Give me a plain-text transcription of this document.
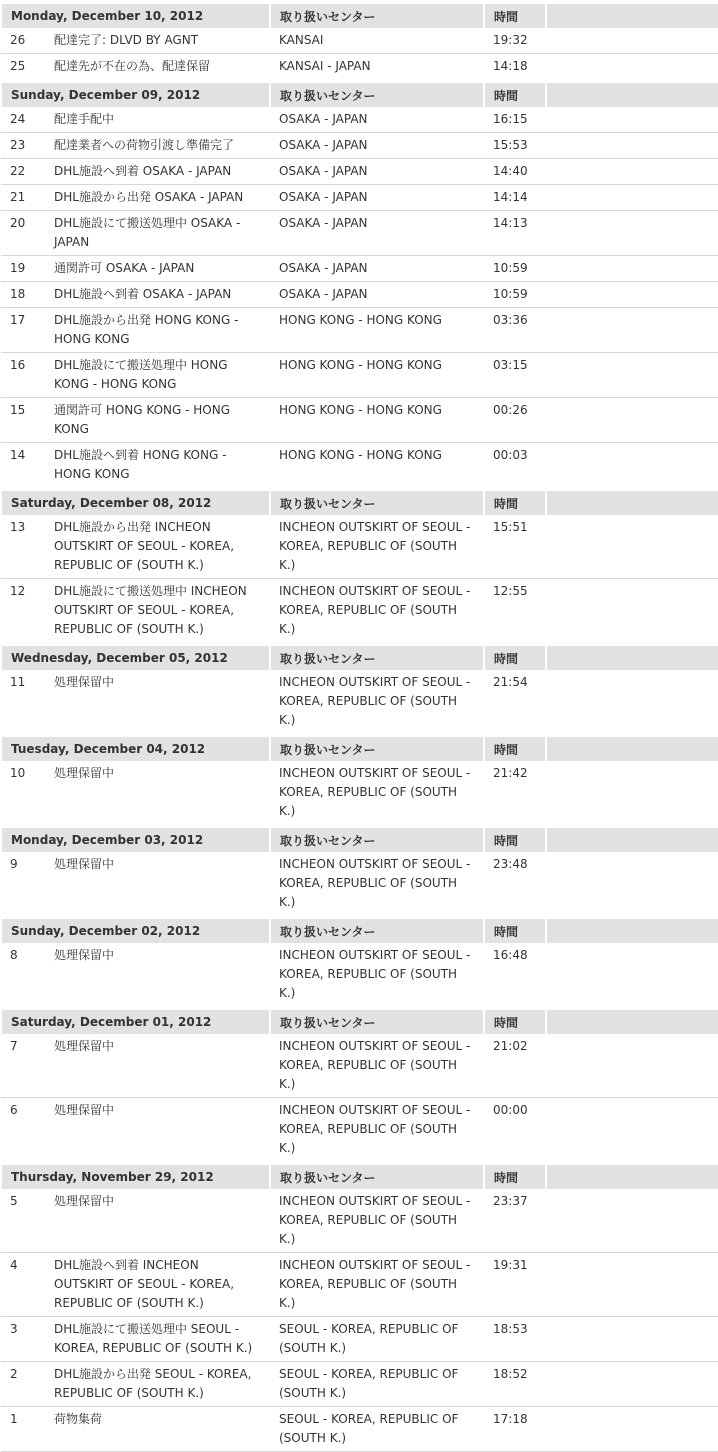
Monday, December 10, 2012		取り扱いセンター	時間	
26	配達完了: DLVD BY AGNT	KANSAI	19:32	
25	配達先が不在の為、配達保留	KANSAI - JAPAN	14:18	
Sunday, December 09, 2012		取り扱いセンター	時間	
24	配達手配中	OSAKA - JAPAN	16:15	
23	配達業者への荷物引渡し準備完了	OSAKA - JAPAN	15:53	
22	DHL施設へ到着 OSAKA - JAPAN	OSAKA - JAPAN	14:40	
21	DHL施設から出発 OSAKA - JAPAN	OSAKA - JAPAN	14:14	
20	DHL施設にて搬送処理中 OSAKA - JAPAN	OSAKA - JAPAN	14:13	
19	通関許可 OSAKA - JAPAN	OSAKA - JAPAN	10:59	
18	DHL施設へ到着 OSAKA - JAPAN	OSAKA - JAPAN	10:59	
17	DHL施設から出発 HONG KONG - HONG KONG	HONG KONG - HONG KONG	03:36	
16	DHL施設にて搬送処理中 HONG KONG - HONG KONG	HONG KONG - HONG KONG	03:15	
15	通関許可 HONG KONG - HONG KONG	HONG KONG - HONG KONG	00:26	
14	DHL施設へ到着 HONG KONG - HONG KONG	HONG KONG - HONG KONG	00:03	
Saturday, December 08, 2012		取り扱いセンター	時間	
13	DHL施設から出発 INCHEON OUTSKIRT OF SEOUL - KOREA, REPUBLIC OF (SOUTH K.)	INCHEON OUTSKIRT OF SEOUL - KOREA, REPUBLIC OF (SOUTH K.)	15:51	
12	DHL施設にて搬送処理中 INCHEON OUTSKIRT OF SEOUL - KOREA, REPUBLIC OF (SOUTH K.)	INCHEON OUTSKIRT OF SEOUL - KOREA, REPUBLIC OF (SOUTH K.)	12:55	
Wednesday, December 05, 2012		取り扱いセンター	時間	
11	処理保留中	INCHEON OUTSKIRT OF SEOUL - KOREA, REPUBLIC OF (SOUTH K.)	21:54	
Tuesday, December 04, 2012		取り扱いセンター	時間	
10	処理保留中	INCHEON OUTSKIRT OF SEOUL - KOREA, REPUBLIC OF (SOUTH K.)	21:42	
Monday, December 03, 2012		取り扱いセンター	時間	
9	処理保留中	INCHEON OUTSKIRT OF SEOUL - KOREA, REPUBLIC OF (SOUTH K.)	23:48	
Sunday, December 02, 2012		取り扱いセンター	時間	
8	処理保留中	INCHEON OUTSKIRT OF SEOUL - KOREA, REPUBLIC OF (SOUTH K.)	16:48	
Saturday, December 01, 2012		取り扱いセンター	時間	
7	処理保留中	INCHEON OUTSKIRT OF SEOUL - KOREA, REPUBLIC OF (SOUTH K.)	21:02	
6	処理保留中	INCHEON OUTSKIRT OF SEOUL - KOREA, REPUBLIC OF (SOUTH K.)	00:00	
Thursday, November 29, 2012		取り扱いセンター	時間	
5	処理保留中	INCHEON OUTSKIRT OF SEOUL - KOREA, REPUBLIC OF (SOUTH K.)	23:37	
4	DHL施設へ到着 INCHEON OUTSKIRT OF SEOUL - KOREA, REPUBLIC OF (SOUTH K.)	INCHEON OUTSKIRT OF SEOUL - KOREA, REPUBLIC OF (SOUTH K.)	19:31	
3	DHL施設にて搬送処理中 SEOUL - KOREA, REPUBLIC OF (SOUTH K.)	SEOUL - KOREA, REPUBLIC OF (SOUTH K.)	18:53	
2	DHL施設から出発 SEOUL - KOREA, REPUBLIC OF (SOUTH K.)	SEOUL - KOREA, REPUBLIC OF (SOUTH K.)	18:52	
1	荷物集荷	SEOUL - KOREA, REPUBLIC OF (SOUTH K.)	17:18	
